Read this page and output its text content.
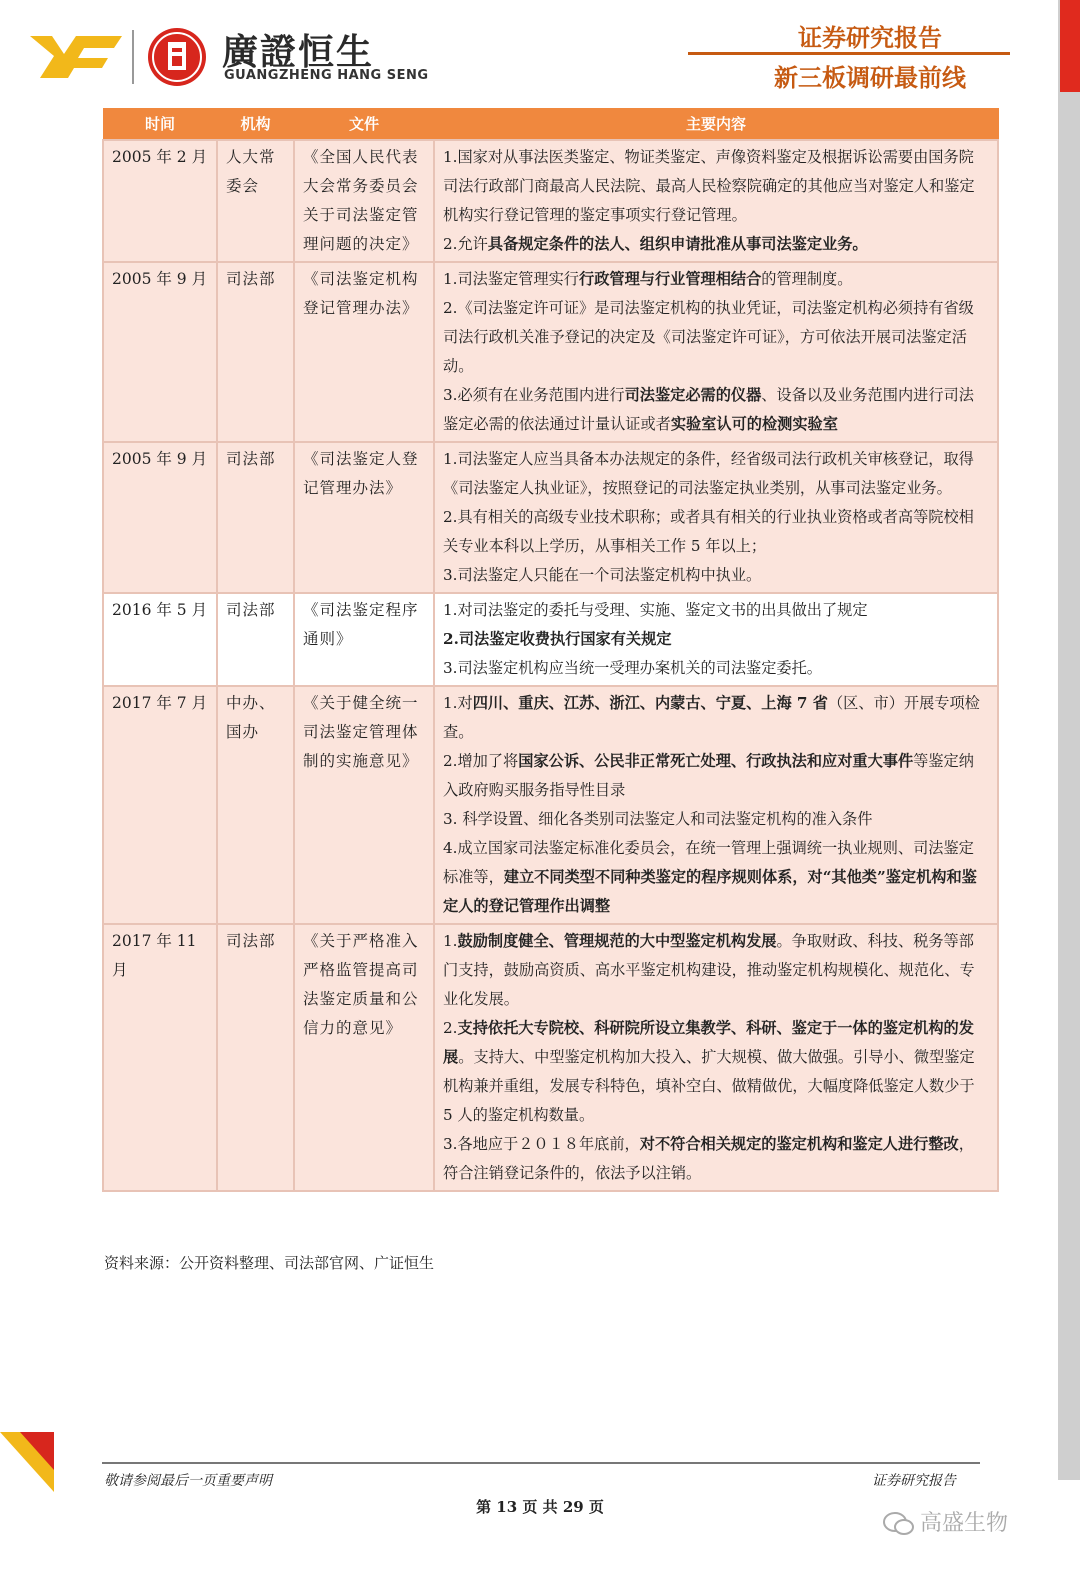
廣證恒生
GUANGZHENG HANG SENG
证券研究报告
新三板调研最前线
时间	机构	文件	主要内容
2005 年 2 月	人大常委会	《全国人民代表大会常务委员会关于司法鉴定管理问题的决定》	1.国家对从事法医类鉴定、物证类鉴定、声像资料鉴定及根据诉讼需要由国务院司法行政部门商最高人民法院、最高人民检察院确定的其他应当对鉴定人和鉴定机构实行登记管理的鉴定事项实行登记管理。
2.允许具备规定条件的法人、组织申请批准从事司法鉴定业务。

2005 年 9 月	司法部	《司法鉴定机构登记管理办法》	1.司法鉴定管理实行行政管理与行业管理相结合的管理制度。
2.《司法鉴定许可证》是司法鉴定机构的执业凭证，司法鉴定机构必须持有省级司法行政机关准予登记的决定及《司法鉴定许可证》，方可依法开展司法鉴定活动。
3.必须有在业务范围内进行司法鉴定必需的仪器、设备以及业务范围内进行司法鉴定必需的依法通过计量认证或者实验室认可的检测实验室

2005 年 9 月	司法部	《司法鉴定人登记管理办法》	1.司法鉴定人应当具备本办法规定的条件，经省级司法行政机关审核登记，取得《司法鉴定人执业证》，按照登记的司法鉴定执业类别，从事司法鉴定业务。
2.具有相关的高级专业技术职称；或者具有相关的行业执业资格或者高等院校相关专业本科以上学历，从事相关工作 5 年以上；
3.司法鉴定人只能在一个司法鉴定机构中执业。

2016 年 5 月	司法部	《司法鉴定程序通则》	1.对司法鉴定的委托与受理、实施、鉴定文书的出具做出了规定
2.司法鉴定收费执行国家有关规定
3.司法鉴定机构应当统一受理办案机关的司法鉴定委托。

2017 年 7 月	中办、国办	《关于健全统一司法鉴定管理体制的实施意见》	1.对四川、重庆、江苏、浙江、内蒙古、宁夏、上海 7 省（区、市）开展专项检查。
2.增加了将国家公诉、公民非正常死亡处理、行政执法和应对重大事件等鉴定纳入政府购买服务指导性目录
3. 科学设置、细化各类别司法鉴定人和司法鉴定机构的准入条件
4.成立国家司法鉴定标准化委员会，在统一管理上强调统一执业规则、司法鉴定标准等，建立不同类型不同种类鉴定的程序规则体系，对“其他类”鉴定机构和鉴定人的登记管理作出调整

2017 年 11 月	司法部	《关于严格准入严格监管提高司法鉴定质量和公信力的意见》	1.鼓励制度健全、管理规范的大中型鉴定机构发展。争取财政、科技、税务等部门支持，鼓励高资质、高水平鉴定机构建设，推动鉴定机构规模化、规范化、专业化发展。
2.支持依托大专院校、科研院所设立集教学、科研、鉴定于一体的鉴定机构的发展。支持大、中型鉴定机构加大投入、扩大规模、做大做强。引导小、微型鉴定机构兼并重组，发展专科特色，填补空白、做精做优，大幅度降低鉴定人数少于 5 人的鉴定机构数量。
3.各地应于２０１８年底前，对不符合相关规定的鉴定机构和鉴定人进行整改，符合注销登记条件的，依法予以注销。
资料来源：公开资料整理、司法部官网、广证恒生
敬请参阅最后一页重要声明	证券研究报告
第 13 页 共 29 页
高盛生物
